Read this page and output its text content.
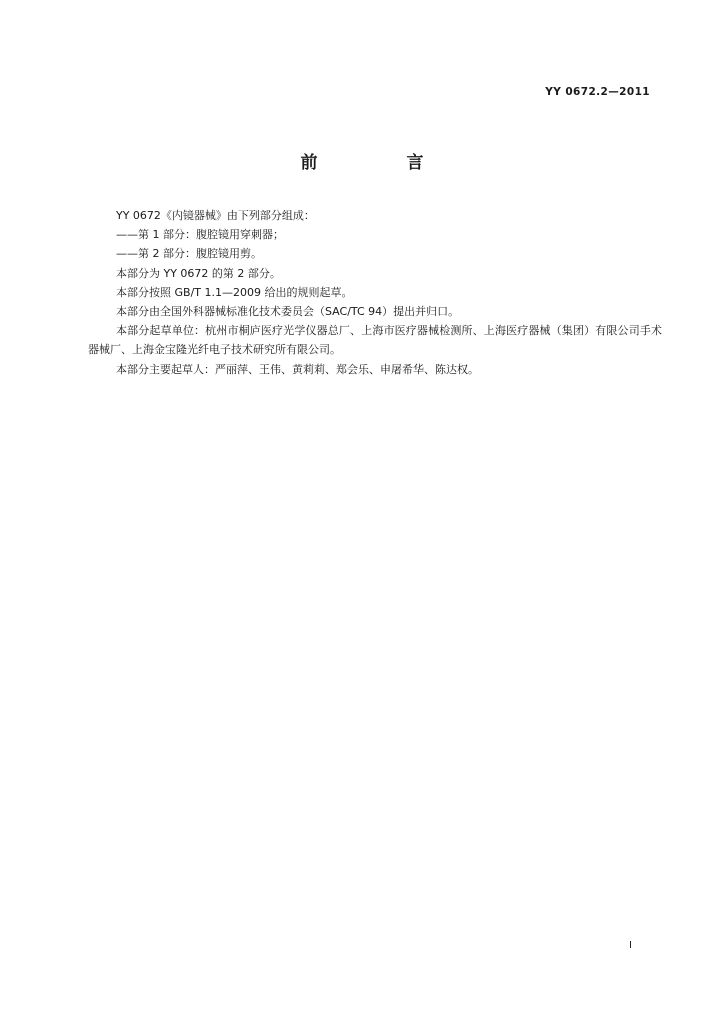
YY 0672.2—2011
前　言

YY 0672《内镜器械》由下列部分组成：

——第 1 部分：腹腔镜用穿刺器；

——第 2 部分：腹腔镜用剪。

本部分为 YY 0672 的第 2 部分。

本部分按照 GB/T 1.1—2009 给出的规则起草。

本部分由全国外科器械标准化技术委员会（SAC/TC 94）提出并归口。

本部分起草单位：杭州市桐庐医疗光学仪器总厂、上海市医疗器械检测所、上海医疗器械（集团）有限公司手术器械厂、上海金宝隆光纤电子技术研究所有限公司。

本部分主要起草人：严丽萍、王伟、黄莉莉、郑会乐、申屠希华、陈达权。

I
